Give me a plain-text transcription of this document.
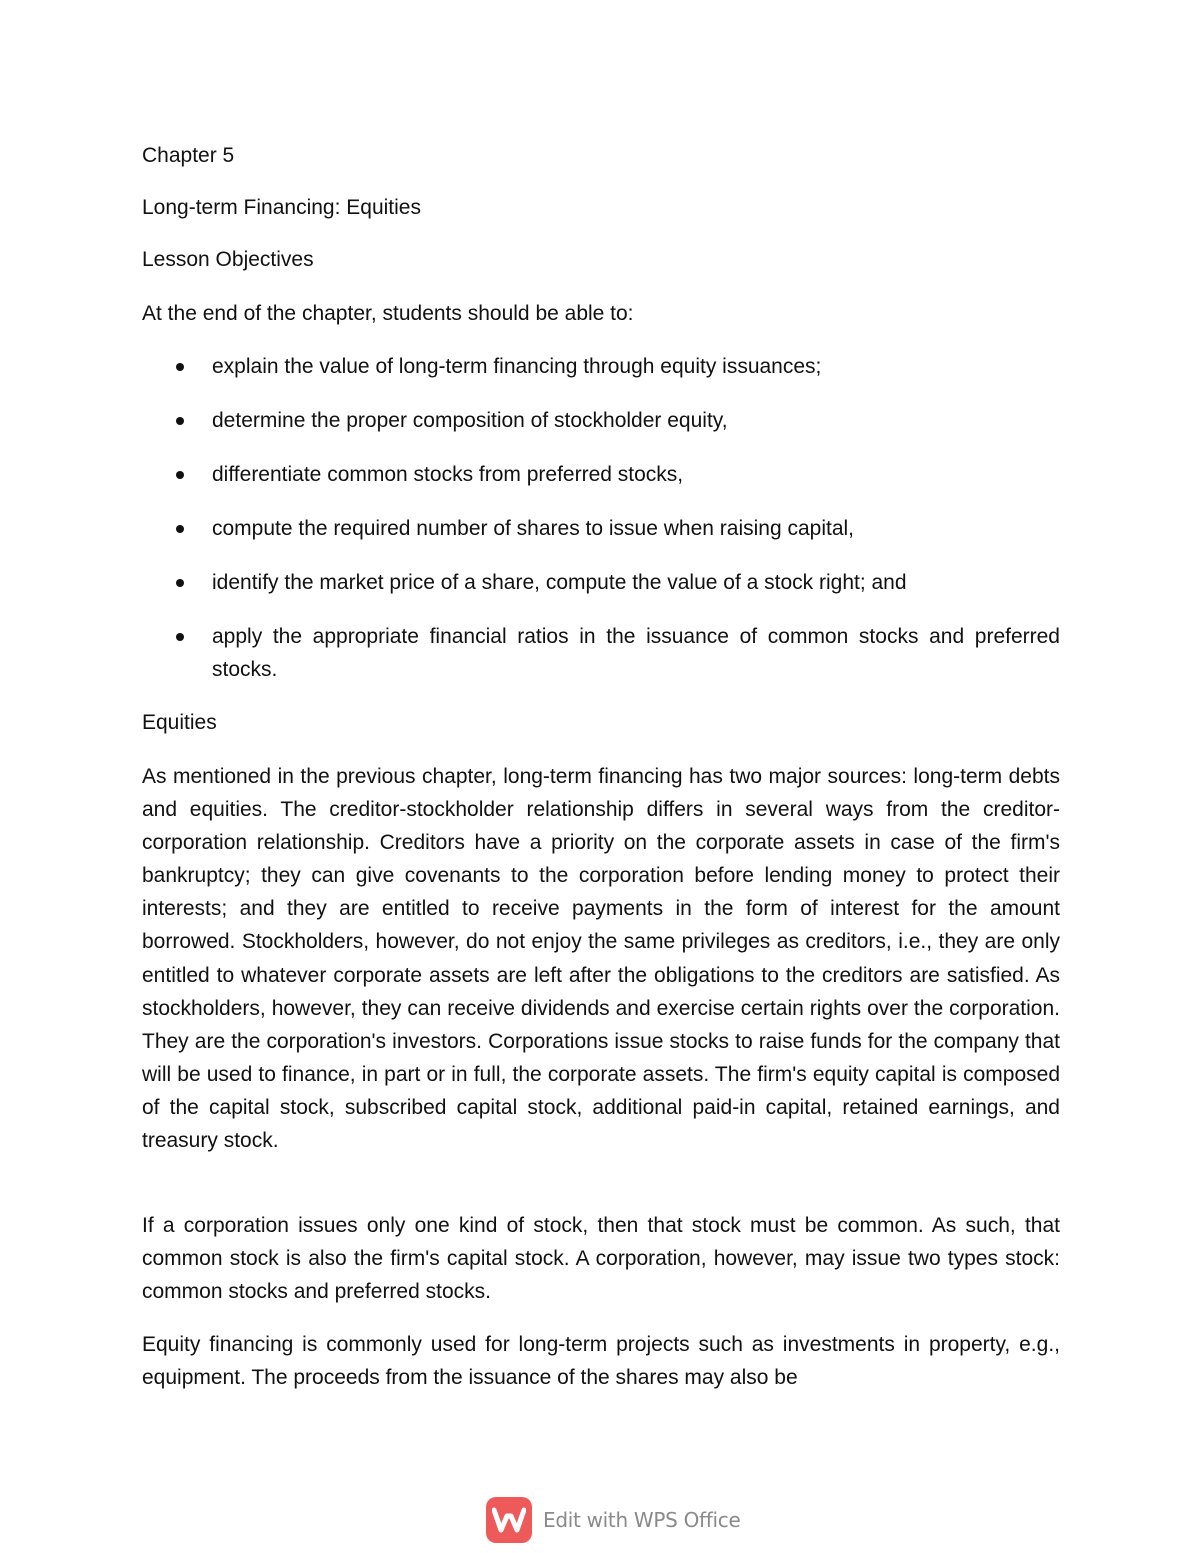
Chapter 5
Long-term Financing: Equities
Lesson Objectives
At the end of the chapter, students should be able to:
explain the value of long-term financing through equity issuances;
determine the proper composition of stockholder equity,
differentiate common stocks from preferred stocks,
compute the required number of shares to issue when raising capital,
identify the market price of a share, compute the value of a stock right; and
apply the appropriate financial ratios in the issuance of common stocks and preferred stocks.
Equities

As mentioned in the previous chapter, long-term financing has two major sources: long-term debts and equities. The creditor-stockholder relationship differs in several ways from the creditor-corporation relationship. Creditors have a priority on the corporate assets in case of the firm's bankruptcy; they can give covenants to the corporation before lending money to protect their interests; and they are entitled to receive payments in the form of interest for the amount borrowed. Stockholders, however, do not enjoy the same privileges as creditors, i.e., they are only entitled to whatever corporate assets are left after the obligations to the creditors are satisfied. As stockholders, however, they can receive dividends and exercise certain rights over the corporation. They are the corporation's investors. Corporations issue stocks to raise funds for the company that will be used to finance, in part or in full, the corporate assets. The firm's equity capital is composed of the capital stock, subscribed capital stock, additional paid-in capital, retained earnings, and treasury stock.

If a corporation issues only one kind of stock, then that stock must be common. As such, that common stock is also the firm's capital stock. A corporation, however, may issue two types stock: common stocks and preferred stocks.

Equity financing is commonly used for long-term projects such as investments in property, e.g., equipment. The proceeds from the issuance of the shares may also be

Edit with WPS Office
